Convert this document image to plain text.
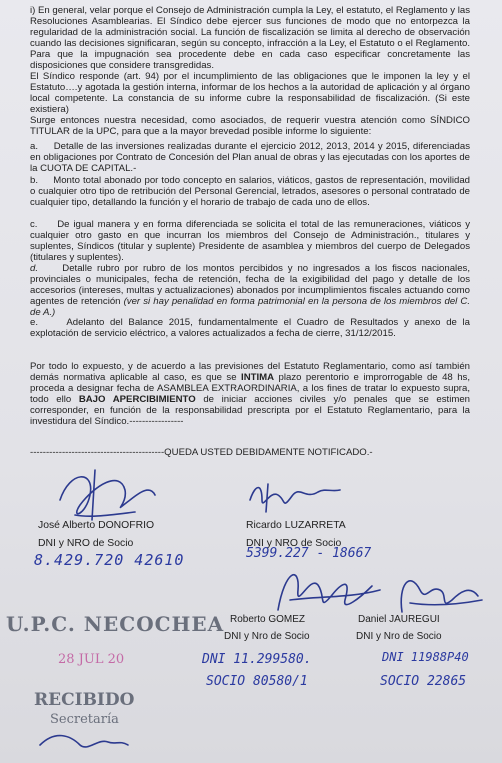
i) En general, velar porque el Consejo de Administración cumpla la Ley, el estatuto, el Reglamento y las Resoluciones Asamblearias. El Síndico debe ejercer sus funciones de modo que no entorpezca la regularidad de la administración social. La función de fiscalización se limita al derecho de observación cuando las decisiones significaran, según su concepto, infracción a la Ley, el Estatuto o el Reglamento. Para que la impugnación sea procedente debe en cada caso especificar concretamente las disposiciones que considere transgredidas.

El Síndico responde (art. 94) por el incumplimiento de las obligaciones que le imponen la ley y el Estatuto….y agotada la gestión interna, informar de los hechos a la autoridad de aplicación y al órgano local competente. La constancia de su informe cubre la responsabilidad de fiscalización. (Si este existiera)

Surge entonces nuestra necesidad, como asociados, de requerir vuestra atención como SÍNDICO TITULAR de la UPC, para que a la mayor brevedad posible informe lo siguiente:

a. Detalle de las inversiones realizadas durante el ejercicio 2012, 2013, 2014 y 2015, diferenciadas en obligaciones por Contrato de Concesión del Plan anual de obras y las ejecutadas con los aportes de la CUOTA DE CAPITAL.-

b. Monto total abonado por todo concepto en salarios, viáticos, gastos de representación, movilidad o cualquier otro tipo de retribución del Personal Gerencial, letrados, asesores o personal contratado de cualquier tipo, detallando la función y el horario de trabajo de cada uno de ellos.

c. De igual manera y en forma diferenciada se solicita el total de las remuneraciones, viáticos y cualquier otro gasto en que incurran los miembros del Consejo de Administración., titulares y suplentes, Síndicos (titular y suplente) Presidente de asamblea y miembros del cuerpo de Delegados (titulares y suplentes).

d.	Detalle rubro por rubro de los montos percibidos y no ingresados a los fiscos nacionales, provinciales o municipales, fecha de retención, fecha de la exigibilidad del pago y detalle de los accesorios (intereses, multas y actualizaciones) abonados por incumplimientos fiscales actuando como agentes de retención (ver si hay penalidad en forma patrimonial en la persona de los miembros del C. de A.)

e.	Adelanto del Balance 2015, fundamentalmente el Cuadro de Resultados y anexo de la explotación de servicio eléctrico, a valores actualizados a fecha de cierre, 31/12/2015.

Por todo lo expuesto, y de acuerdo a las previsiones del Estatuto Reglamentario, como así también demás normativa aplicable al caso, es que se INTIMA plazo perentorio e improrrogable de 48 hs, proceda a designar fecha de ASAMBLEA EXTRAORDINARIA, a los fines de tratar lo expuesto supra, todo ello BAJO APERCIBIMIENTO de iniciar acciones civiles y/o penales que se estimen corresponder, en función de la responsabilidad prescripta por el Estatuto Reglamentario, para la investidura del Síndico.-----------------

------------------------------------------QUEDA USTED DEBIDAMENTE NOTIFICADO.-

José Alberto DONOFRIO
DNI y NRO de Socio
8.429.720 42610
Ricardo LUZARRETA
DNI y NRO de Socio
5399.227 - 18667
Roberto GOMEZ
DNI y Nro de Socio
DNI 11.299580.
SOCIO 80580/1
Daniel JAUREGUI
DNI y Nro de Socio
DNI 11988P40
SOCIO 22865
U.P.C. NECOCHEA
28 JUL 20
RECIBIDO
Secretaría
